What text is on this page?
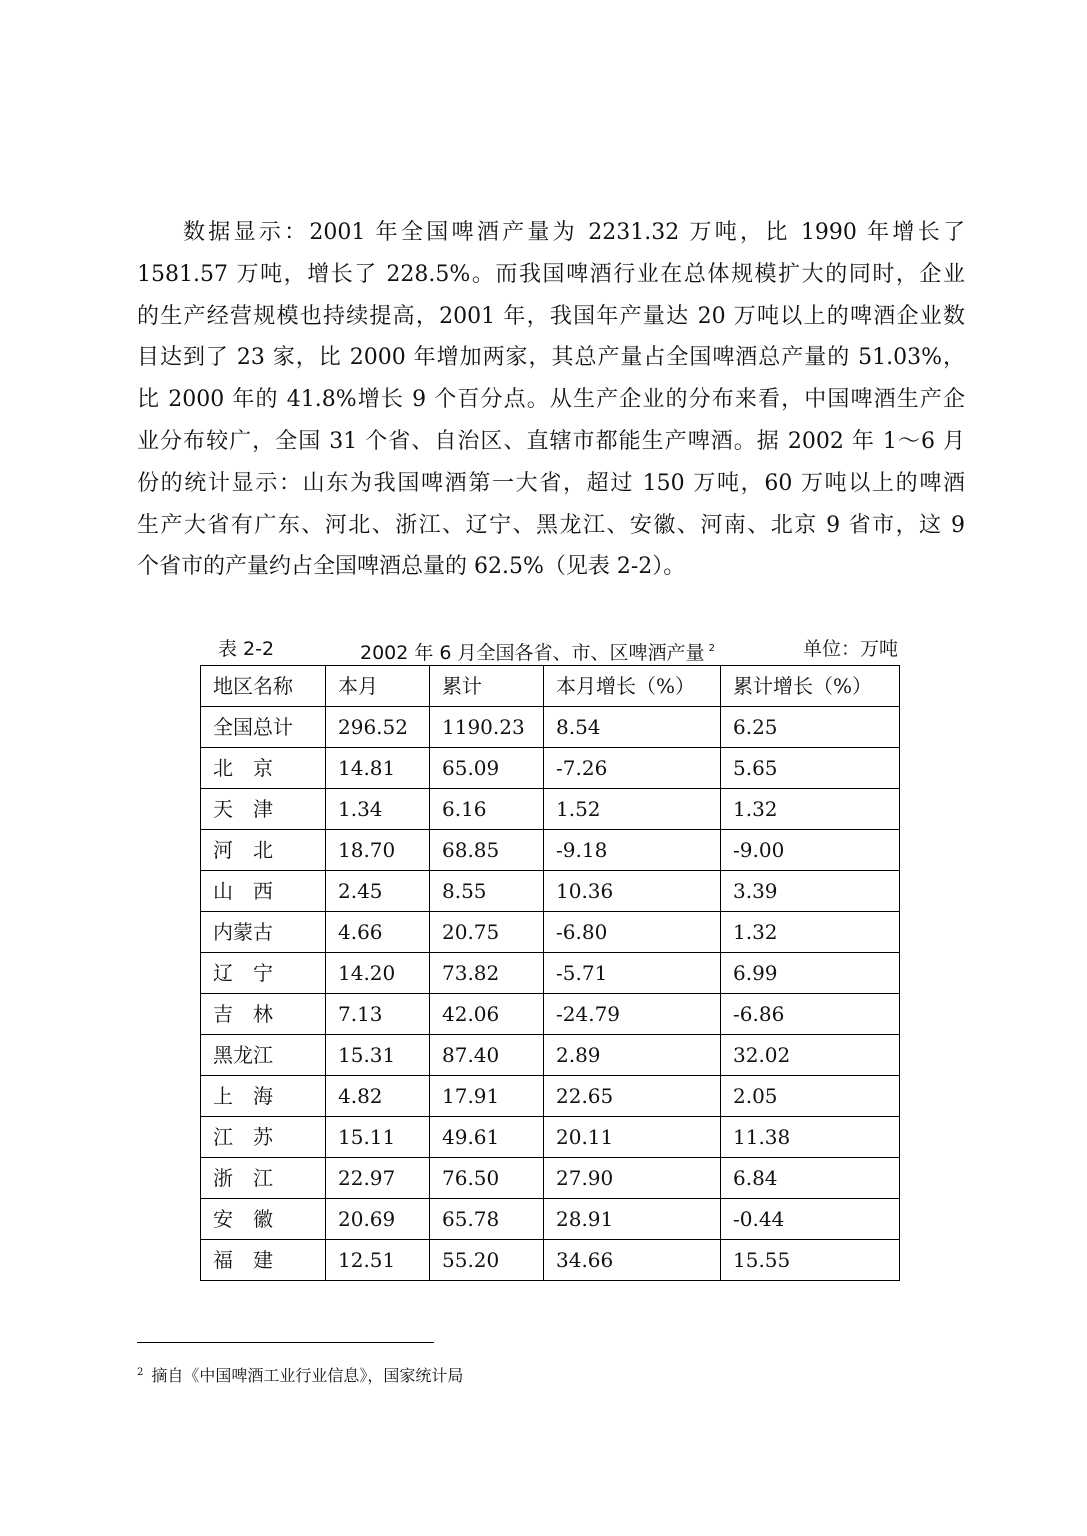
数据显示：2001 年全国啤酒产量为 2231.32 万吨，比 1990 年增长了
1581.57 万吨，增长了 228.5%。而我国啤酒行业在总体规模扩大的同时，企业
的生产经营规模也持续提高，2001 年，我国年产量达 20 万吨以上的啤酒企业数
目达到了 23 家，比 2000 年增加两家，其总产量占全国啤酒总产量的 51.03%，
比 2000 年的 41.8%增长 9 个百分点。从生产企业的分布来看，中国啤酒生产企
业分布较广，全国 31 个省、自治区、直辖市都能生产啤酒。据 2002 年 1～6 月
份的统计显示：山东为我国啤酒第一大省，超过 150 万吨，60 万吨以上的啤酒
生产大省有广东、河北、浙江、辽宁、黑龙江、安徽、河南、北京 9 省市，这 9
个省市的产量约占全国啤酒总量的 62.5%（见表 2-2）。
表 2-2	2002 年 6 月全国各省、市、区啤酒产量 $^2$	单位：万吨
地区名称	本月	累计	本月增长（%）	累计增长（%）
全国总计	296.52	1190.23	8.54	6.25
北　京	14.81	65.09	-7.26	5.65
天　津	1.34	6.16	1.52	1.32
河　北	18.70	68.85	-9.18	-9.00
山　西	2.45	8.55	10.36	3.39
内蒙古	4.66	20.75	-6.80	1.32
辽　宁	14.20	73.82	-5.71	6.99
吉　林	7.13	42.06	-24.79	-6.86
黑龙江	15.31	87.40	2.89	32.02
上　海	4.82	17.91	22.65	2.05
江　苏	15.11	49.61	20.11	11.38
浙　江	22.97	76.50	27.90	6.84
安　徽	20.69	65.78	28.91	-0.44
福　建	12.51	55.20	34.66	15.55
$^2$ 摘自《中国啤酒工业行业信息》，国家统计局
